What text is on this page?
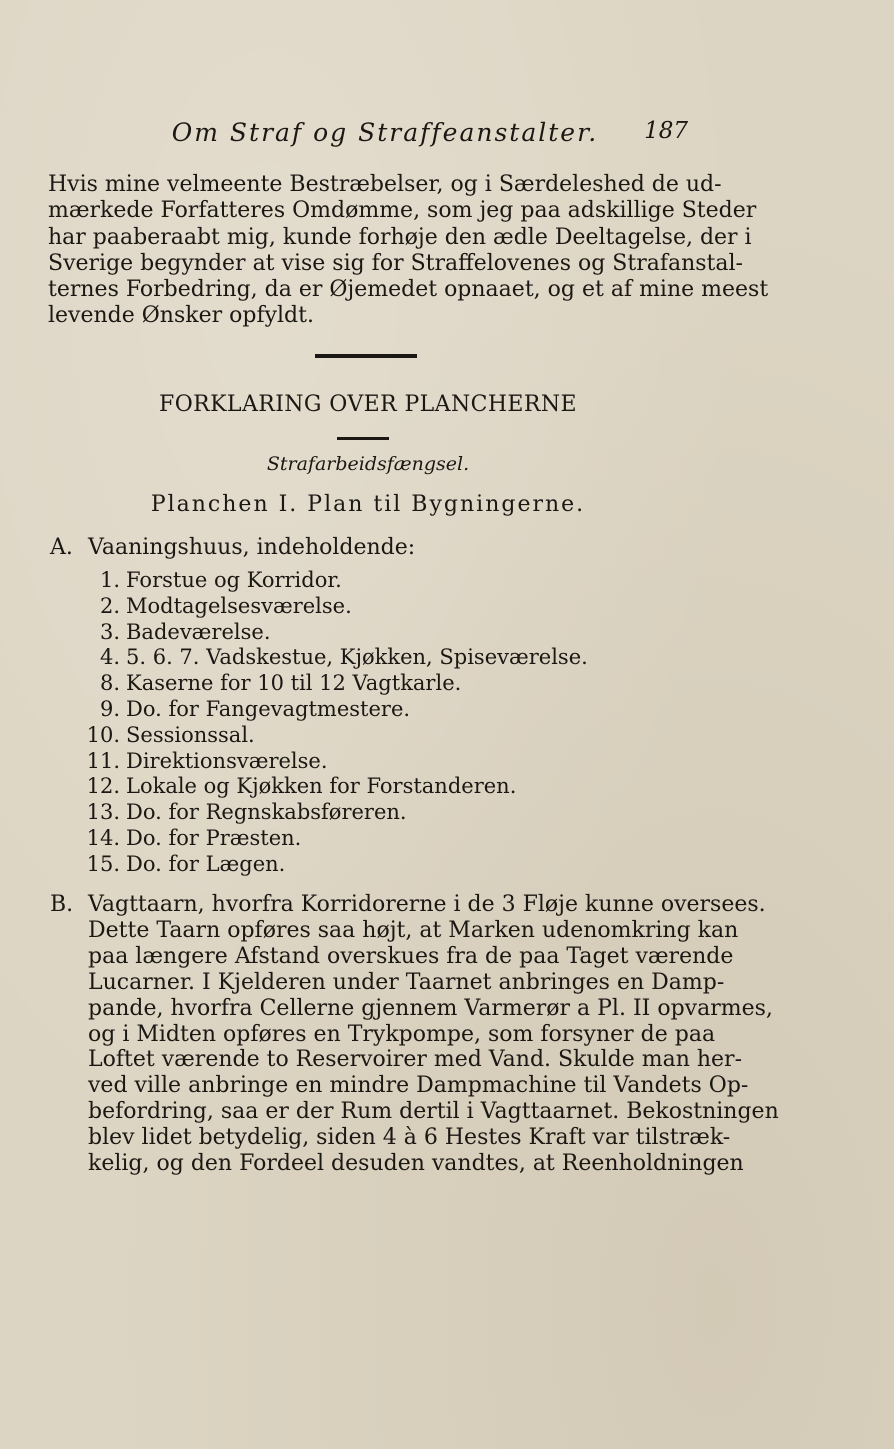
Om Straf og Straffeanstalter.	187
Hvis mine velmeente Bestræbelser, og i Særdeleshed de ud-
mærkede Forfatteres Omdømme, som jeg paa adskillige Steder
har paaberaabt mig, kunde forhøje den ædle Deeltagelse, der i
Sverige begynder at vise sig for Straffelovenes og Strafanstal-
ternes Forbedring, da er Øjemedet opnaaet, og et af mine meest
levende Ønsker opfyldt.
FORKLARING OVER PLANCHERNE
Strafarbeidsfængsel.
Planchen I. Plan til Bygningerne.
A. Vaaningshuus, indeholdende:
1. Forstue og Korridor.
2. Modtagelsesværelse.
3. Badeværelse.
4. 5. 6. 7. Vadskestue, Kjøkken, Spiseværelse.
8. Kaserne for 10 til 12 Vagtkarle.
9. Do. for Fangevagtmestere.
10. Sessionssal.
11. Direktionsværelse.
12. Lokale og Kjøkken for Forstanderen.
13. Do. for Regnskabsføreren.
14. Do. for Præsten.
15. Do. for Lægen.
B. Vagttaarn, hvorfra Korridorerne i de 3 Fløje kunne oversees.
Dette Taarn opføres saa højt, at Marken udenomkring kan
paa længere Afstand overskues fra de paa Taget værende
Lucarner. I Kjelderen under Taarnet anbringes en Damp-
pande, hvorfra Cellerne gjennem Varmerør a Pl. II opvarmes,
og i Midten opføres en Trykpompe, som forsyner de paa
Loftet værende to Reservoirer med Vand. Skulde man her-
ved ville anbringe en mindre Dampmachine til Vandets Op-
befordring, saa er der Rum dertil i Vagttaarnet. Bekostningen
blev lidet betydelig, siden 4 à 6 Hestes Kraft var tilstræk-
kelig, og den Fordeel desuden vandtes, at Reenholdningen
